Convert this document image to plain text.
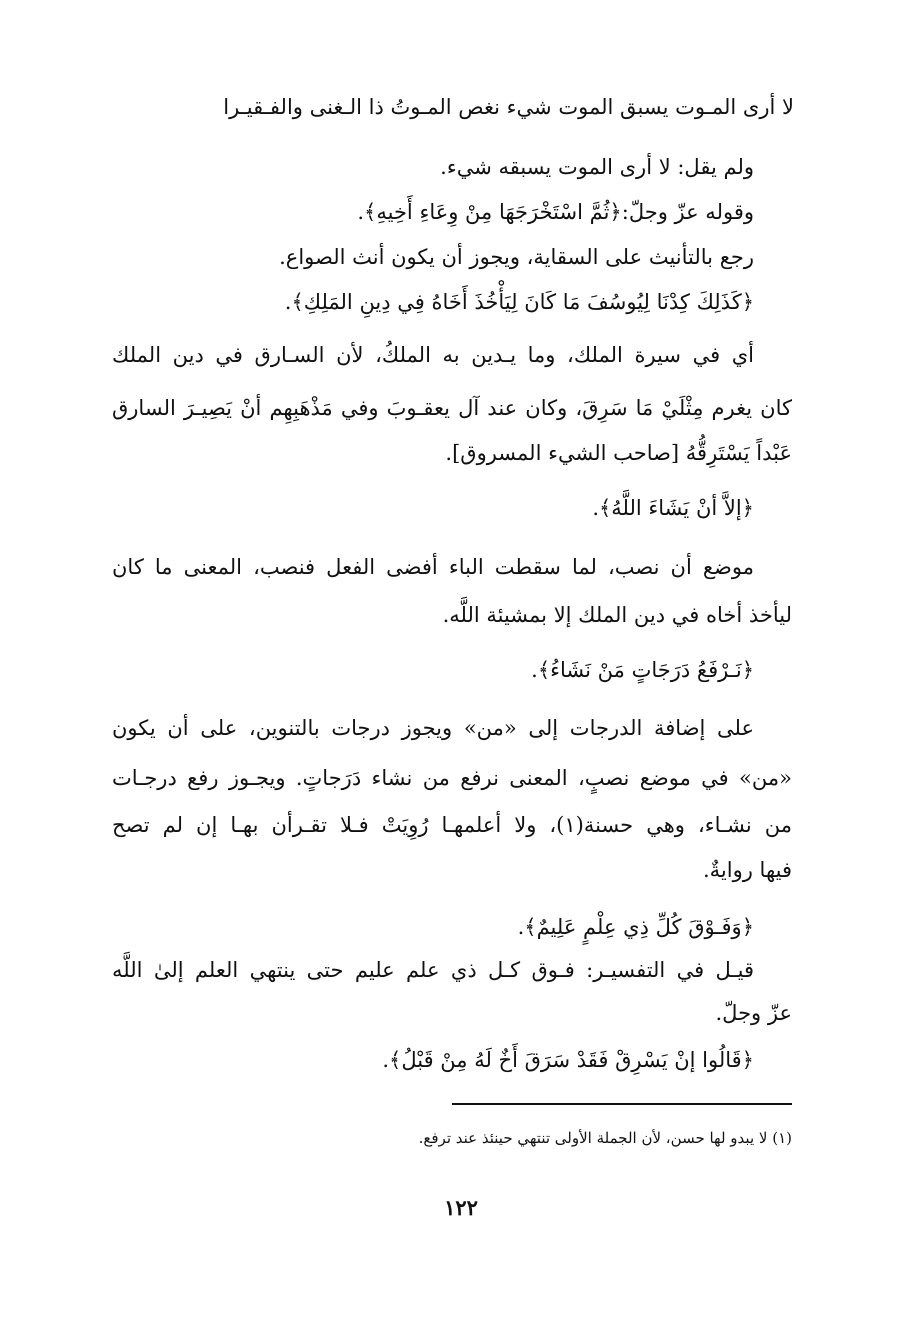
لا أرى المـوت يسبق الموت شيء نغص المـوتُ ذا الـغنى والفـقيـرا
ولم يقل: لا أرى الموت يسبقه شيء.
وقوله عزّ وجلّ:﴿ثُمَّ اسْتَخْرَجَهَا مِنْ وِعَاءِ أَخِيهِ﴾.
رجع بالتأنيث على السقاية، ويجوز أن يكون أنث الصواع.
﴿كَذَلِكَ كِدْنَا لِيُوسُفَ مَا كَانَ لِيَأْخُذَ أَخَاهُ فِي دِينِ المَلِكِ﴾.
أي في سيرة الملك، وما يـدين به الملكُ، لأن السـارق في دين الملك
كان يغرم مِثْلَيْ مَا سَرِقَ، وكان عند آل يعقـوبَ وفي مَذْهَبِهِم أنْ يَصِيـرَ السارق
عَبْداً يَسْتَرِقُّهُ [صاحب الشيء المسروق].
﴿إلاَّ أنْ يَشَاءَ اللَّهُ﴾.
موضع أن نصب، لما سقطت الباء أفضى الفعل فنصب، المعنى ما كان
ليأخذ أخاه في دين الملك إلا بمشيئة اللَّه.
﴿نَـرْفَعُ دَرَجَاتٍ مَنْ نَشَاءُ﴾.
على إضافة الدرجات إلى «من» ويجوز درجات بالتنوين، على أن يكون
«من» في موضع نصبٍ، المعنى نرفع من نشاء دَرَجاتٍ. ويجـوز رفع درجـات
من نشـاء، وهي حسنة(١)، ولا أعلمهـا رُوِيَتْ فـلا تقـرأن بهـا إن لم تصح
فيها روايةٌ.
﴿وَفَـوْقَ كُلِّ ذِي عِلْمٍ عَلِيمٌ﴾.
قيـل في التفسيـر: فـوق كـل ذي علم عليم حتى ينتهي العلم إلىٰ اللَّه
عزّ وجلّ.
﴿قَالُوا إنْ يَسْرِقْ فَقَدْ سَرَقَ أَخٌ لَهُ مِنْ قَبْلُ﴾.
(١) لا يبدو لها حسن، لأن الجملة الأولى تنتهي حينئذ عند ترفع.
١٢٢
